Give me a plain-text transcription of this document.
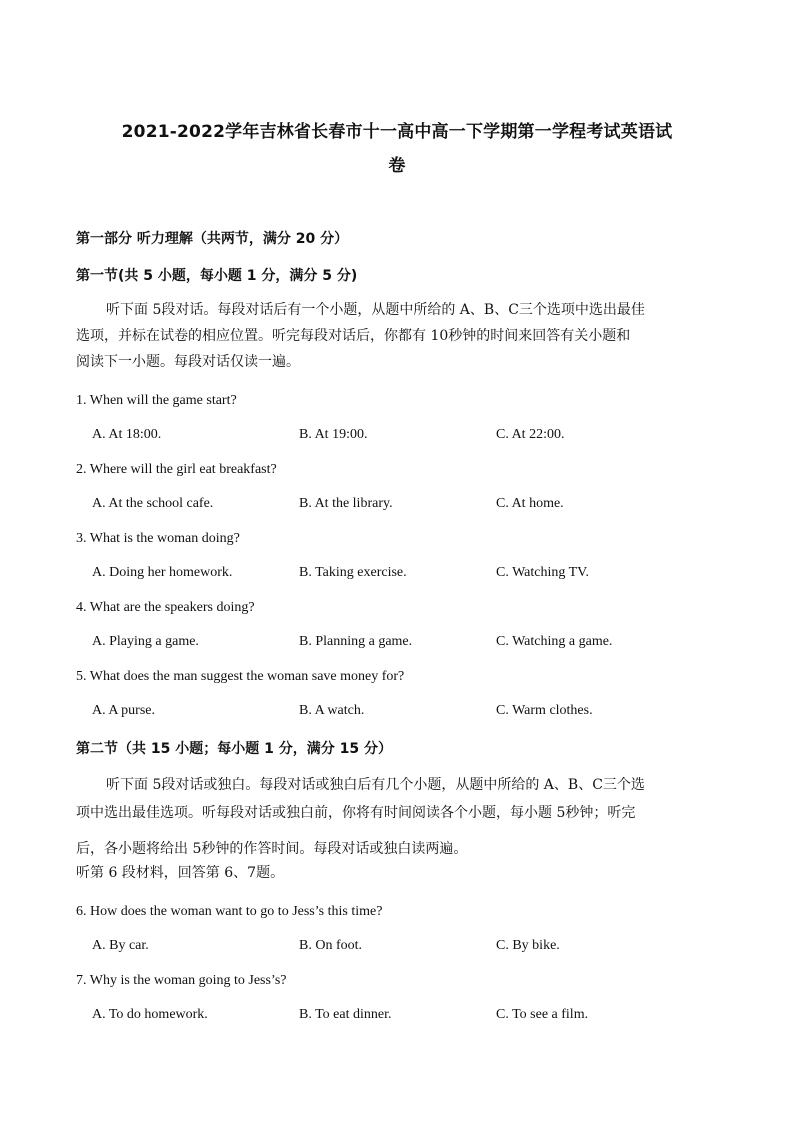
2021-2022学年吉林省长春市十一高中高一下学期第一学程考试英语试
卷
第一部分 听力理解（共两节，满分 20 分）
第一节(共 5 小题，每小题 1 分，满分 5 分)
听下面 5段对话。每段对话后有一个小题，从题中所给的 A、B、C三个选项中选出最佳
选项，并标在试卷的相应位置。听完每段对话后，你都有 10秒钟的时间来回答有关小题和
阅读下一小题。每段对话仅读一遍。
1. When will the game start?
A. At 18:00.	B. At 19:00.	C. At 22:00.
2. Where will the girl eat breakfast?
A. At the school cafe.	B. At the library.	C. At home.
3. What is the woman doing?
A. Doing her homework.	B. Taking exercise.	C. Watching TV.
4. What are the speakers doing?
A. Playing a game.	B. Planning a game.	C. Watching a game.
5. What does the man suggest the woman save money for?
A. A purse.	B. A watch.	C. Warm clothes.
第二节（共 15 小题；每小题 1 分，满分 15 分）
听下面 5段对话或独白。每段对话或独白后有几个小题，从题中所给的 A、B、C三个选
项中选出最佳选项。听每段对话或独白前，你将有时间阅读各个小题，每小题 5秒钟；听完
后，各小题将给出 5秒钟的作答时间。每段对话或独白读两遍。
听第 6 段材料，回答第 6、7题。
6. How does the woman want to go to Jess’s this time?
A. By car.	B. On foot.	C. By bike.
7. Why is the woman going to Jess’s?
A. To do homework.	B. To eat dinner.	C. To see a film.
